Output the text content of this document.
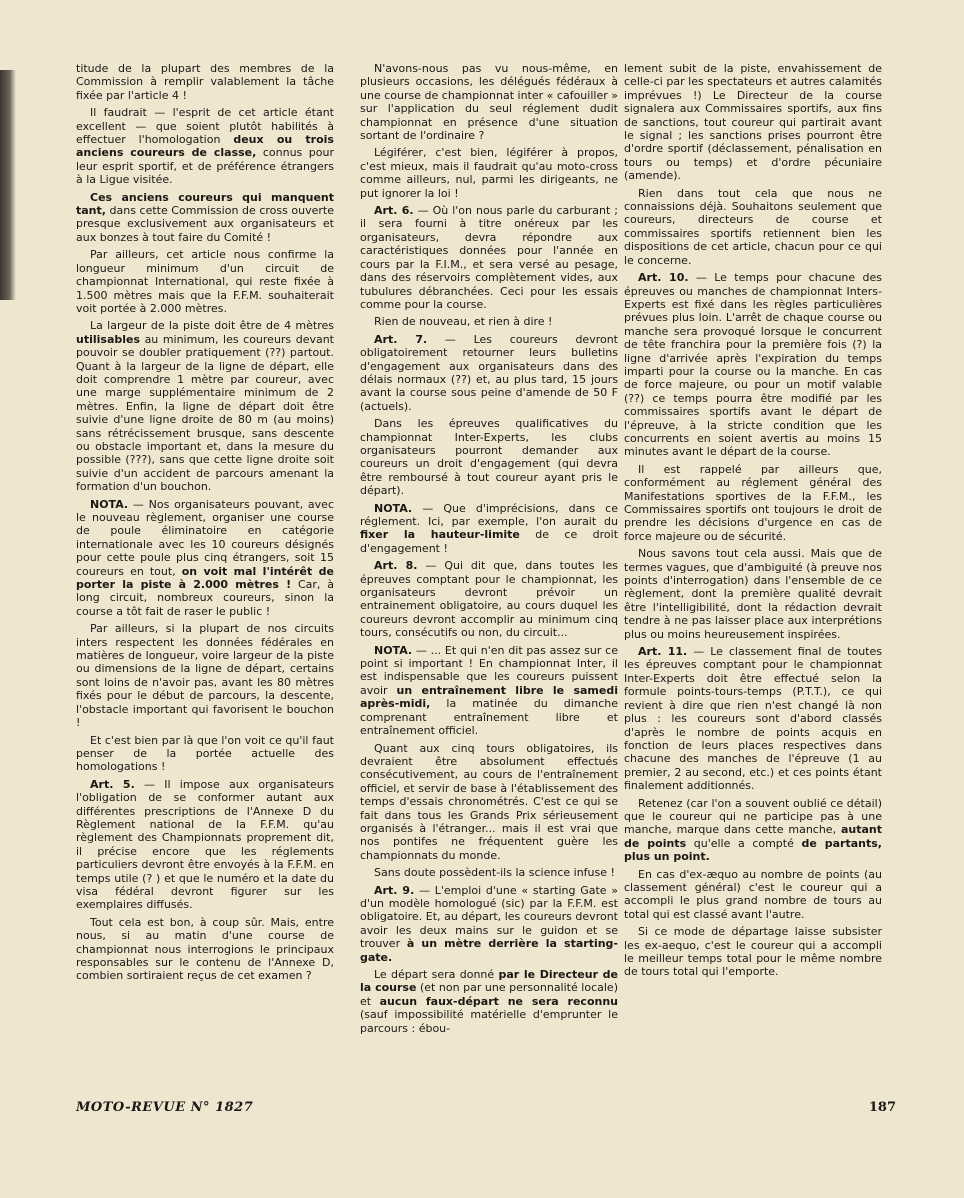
titude de la plupart des membres de la Commission à remplir valablement la tâche fixée par l'article 4 !

Il faudrait — l'esprit de cet article étant excellent — que soient plutôt habilités à effectuer l'homologation deux ou trois anciens coureurs de classe, connus pour leur esprit sportif, et de préférence étrangers à la Ligue visitée.

Ces anciens coureurs qui manquent tant, dans cette Commission de cross ouverte presque exclusivement aux organisateurs et aux bonzes à tout faire du Comité !

Par ailleurs, cet article nous confirme la longueur minimum d'un circuit de championnat International, qui reste fixée à 1.500 mètres mais que la F.F.M. souhaiterait voit portée à 2.000 mètres.

La largeur de la piste doit être de 4 mètres utilisables au minimum, les coureurs devant pouvoir se doubler pratiquement (??) partout. Quant à la largeur de la ligne de départ, elle doit comprendre 1 mètre par coureur, avec une marge supplémentaire minimum de 2 mètres. Enfin, la ligne de départ doit être suivie d'une ligne droite de 80 m (au moins) sans rétrécissement brusque, sans descente ou obstacle important et, dans la mesure du possible (???), sans que cette ligne droite soit suivie d'un accident de parcours amenant la formation d'un bouchon.

NOTA. — Nos organisateurs pouvant, avec le nouveau règlement, organiser une course de poule éliminatoire en catégorie internationale avec les 10 coureurs désignés pour cette poule plus cinq étrangers, soit 15 coureurs en tout, on voit mal l'intérêt de porter la piste à 2.000 mètres ! Car, à long circuit, nombreux coureurs, sinon la course a tôt fait de raser le public !

Par ailleurs, si la plupart de nos circuits inters respectent les données fédérales en matières de longueur, voire largeur de la piste ou dimensions de la ligne de départ, certains sont loins de n'avoir pas, avant les 80 mètres fixés pour le début de parcours, la descente, l'obstacle important qui favorisent le bouchon !

Et c'est bien par là que l'on voit ce qu'il faut penser de la portée actuelle des homologations !

Art. 5. — Il impose aux organisateurs l'obligation de se conformer autant aux différentes prescriptions de l'Annexe D du Règlement national de la F.F.M. qu'au règlement des Championnats proprement dit, il précise encore que les réglements particuliers devront être envoyés à la F.F.M. en temps utile (? ) et que le numéro et la date du visa fédéral devront figurer sur les exemplaires diffusés.

Tout cela est bon, à coup sûr. Mais, entre nous, si au matin d'une course de championnat nous interrogions le principaux responsables sur le contenu de l'Annexe D, combien sortiraient reçus de cet examen ?

N'avons-nous pas vu nous-même, en plusieurs occasions, les délégués fédéraux à une course de championnat inter « cafouiller » sur l'application du seul réglement dudit championnat en présence d'une situation sortant de l'ordinaire ?

Légiférer, c'est bien, légiférer à propos, c'est mieux, mais il faudrait qu'au moto-cross comme ailleurs, nul, parmi les dirigeants, ne put ignorer la loi !

Art. 6. — Où l'on nous parle du carburant ; il sera fourni à titre onéreux par les organisateurs, devra répondre aux caractéristiques données pour l'année en cours par la F.I.M., et sera versé au pesage, dans des réservoirs complètement vides, aux tubulures débranchées. Ceci pour les essais comme pour la course.

Rien de nouveau, et rien à dire !

Art. 7. — Les coureurs devront obligatoirement retourner leurs bulletins d'engagement aux organisateurs dans des délais normaux (??) et, au plus tard, 15 jours avant la course sous peine d'amende de 50 F (actuels).

Dans les épreuves qualificatives du championnat Inter-Experts, les clubs organisateurs pourront demander aux coureurs un droit d'engagement (qui devra être remboursé à tout coureur ayant pris le départ).

NOTA. — Que d'imprécisions, dans ce réglement. Ici, par exemple, l'on aurait du fixer la hauteur-limite de ce droit d'engagement !

Art. 8. — Qui dit que, dans toutes les épreuves comptant pour le championnat, les organisateurs devront prévoir un entrainement obligatoire, au cours duquel les coureurs devront accomplir au minimum cinq tours, consécutifs ou non, du circuit...

NOTA. — ... Et qui n'en dit pas assez sur ce point si important ! En championnat Inter, il est indispensable que les coureurs puissent avoir un entraînement libre le samedi après-midi, la matinée du dimanche comprenant entraînement libre et entraînement officiel.

Quant aux cinq tours obligatoires, ils devraient être absolument effectués consécutivement, au cours de l'entraînement officiel, et servir de base à l'établissement des temps d'essais chronométrés. C'est ce qui se fait dans tous les Grands Prix sérieusement organisés à l'étranger... mais il est vrai que nos pontifes ne fréquentent guère les championnats du monde.

Sans doute possèdent-ils la science infuse !

Art. 9. — L'emploi d'une « starting Gate » d'un modèle homologué (sic) par la F.F.M. est obligatoire. Et, au départ, les coureurs devront avoir les deux mains sur le guidon et se trouver à un mètre derrière la starting-gate.

Le départ sera donné par le Directeur de la course (et non par une personnalité locale) et aucun faux-départ ne sera reconnu (sauf impossibilité matérielle d'emprunter le parcours : ébou-

lement subit de la piste, envahissement de celle-ci par les spectateurs et autres calamités imprévues !) Le Directeur de la course signalera aux Commissaires sportifs, aux fins de sanctions, tout coureur qui partirait avant le signal ; les sanctions prises pourront être d'ordre sportif (déclassement, pénalisation en tours ou temps) et d'ordre pécuniaire (amende).

Rien dans tout cela que nous ne connaissions déjà. Souhaitons seulement que coureurs, directeurs de course et commissaires sportifs retiennent bien les dispositions de cet article, chacun pour ce qui le concerne.

Art. 10. — Le temps pour chacune des épreuves ou manches de championnat Inters-Experts est fixé dans les règles particulières prévues plus loin. L'arrêt de chaque course ou manche sera provoqué lorsque le concurrent de tête franchira pour la première fois (?) la ligne d'arrivée après l'expiration du temps imparti pour la course ou la manche. En cas de force majeure, ou pour un motif valable (??) ce temps pourra être modifié par les commissaires sportifs avant le départ de l'épreuve, à la stricte condition que les concurrents en soient avertis au moins 15 minutes avant le départ de la course.

Il est rappelé par ailleurs que, conformément au réglement général des Manifestations sportives de la F.F.M., les Commissaires sportifs ont toujours le droit de prendre les décisions d'urgence en cas de force majeure ou de sécurité.

Nous savons tout cela aussi. Mais que de termes vagues, que d'ambiguité (à preuve nos points d'interrogation) dans l'ensemble de ce règlement, dont la première qualité devrait être l'intelligibilité, dont la rédaction devrait tendre à ne pas laisser place aux interprétions plus ou moins heureusement inspirées.

Art. 11. — Le classement final de toutes les épreuves comptant pour le championnat Inter-Experts doit être effectué selon la formule points-tours-temps (P.T.T.), ce qui revient à dire que rien n'est changé là non plus : les coureurs sont d'abord classés d'après le nombre de points acquis en fonction de leurs places respectives dans chacune des manches de l'épreuve (1 au premier, 2 au second, etc.) et ces points étant finalement additionnés.

Retenez (car l'on a souvent oublié ce détail) que le coureur qui ne participe pas à une manche, marque dans cette manche, autant de points qu'elle a compté de partants, plus un point.

En cas d'ex-æquo au nombre de points (au classement général) c'est le coureur qui a accompli le plus grand nombre de tours au total qui est classé avant l'autre.

Si ce mode de départage laisse subsister les ex-aequo, c'est le coureur qui a accompli le meilleur temps total pour le même nombre de tours total qui l'emporte.

MOTO-REVUE N° 1827	187
